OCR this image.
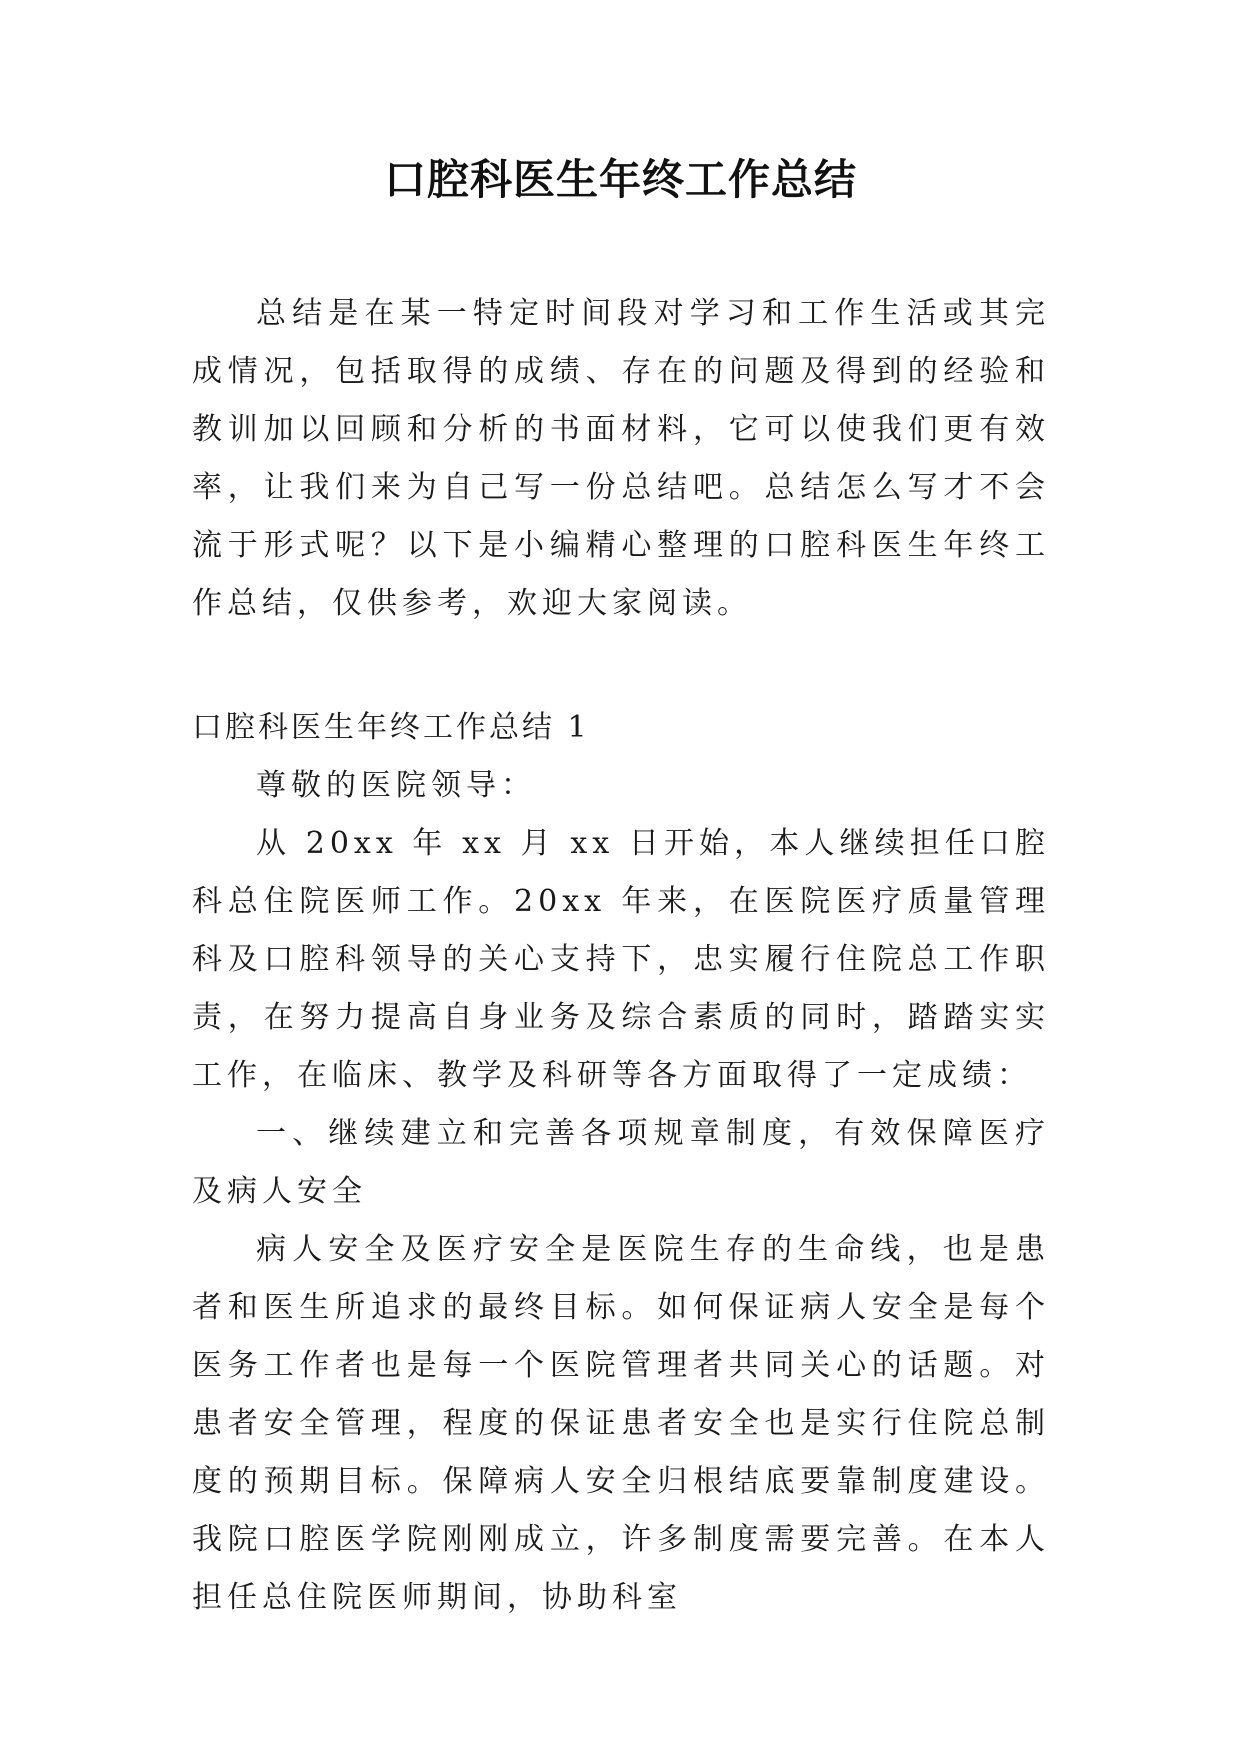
口腔科医生年终工作总结

总结是在某一特定时间段对学习和工作生活或其完成情况，包括取得的成绩、存在的问题及得到的经验和教训加以回顾和分析的书面材料，它可以使我们更有效率，让我们来为自己写一份总结吧。总结怎么写才不会流于形式呢？以下是小编精心整理的口腔科医生年终工作总结，仅供参考，欢迎大家阅读。

口腔科医生年终工作总结 1

尊敬的医院领导：

从 20xx 年 xx 月 xx 日开始，本人继续担任口腔科总住院医师工作。20xx 年来，在医院医疗质量管理科及口腔科领导的关心支持下，忠实履行住院总工作职责，在努力提高自身业务及综合素质的同时，踏踏实实工作，在临床、教学及科研等各方面取得了一定成绩：

一、继续建立和完善各项规章制度，有效保障医疗及病人安全

病人安全及医疗安全是医院生存的生命线，也是患者和医生所追求的最终目标。如何保证病人安全是每个医务工作者也是每一个医院管理者共同关心的话题。对患者安全管理，程度的保证患者安全也是实行住院总制度的预期目标。保障病人安全归根结底要靠制度建设。我院口腔医学院刚刚成立，许多制度需要完善。在本人担任总住院医师期间，协助科室
